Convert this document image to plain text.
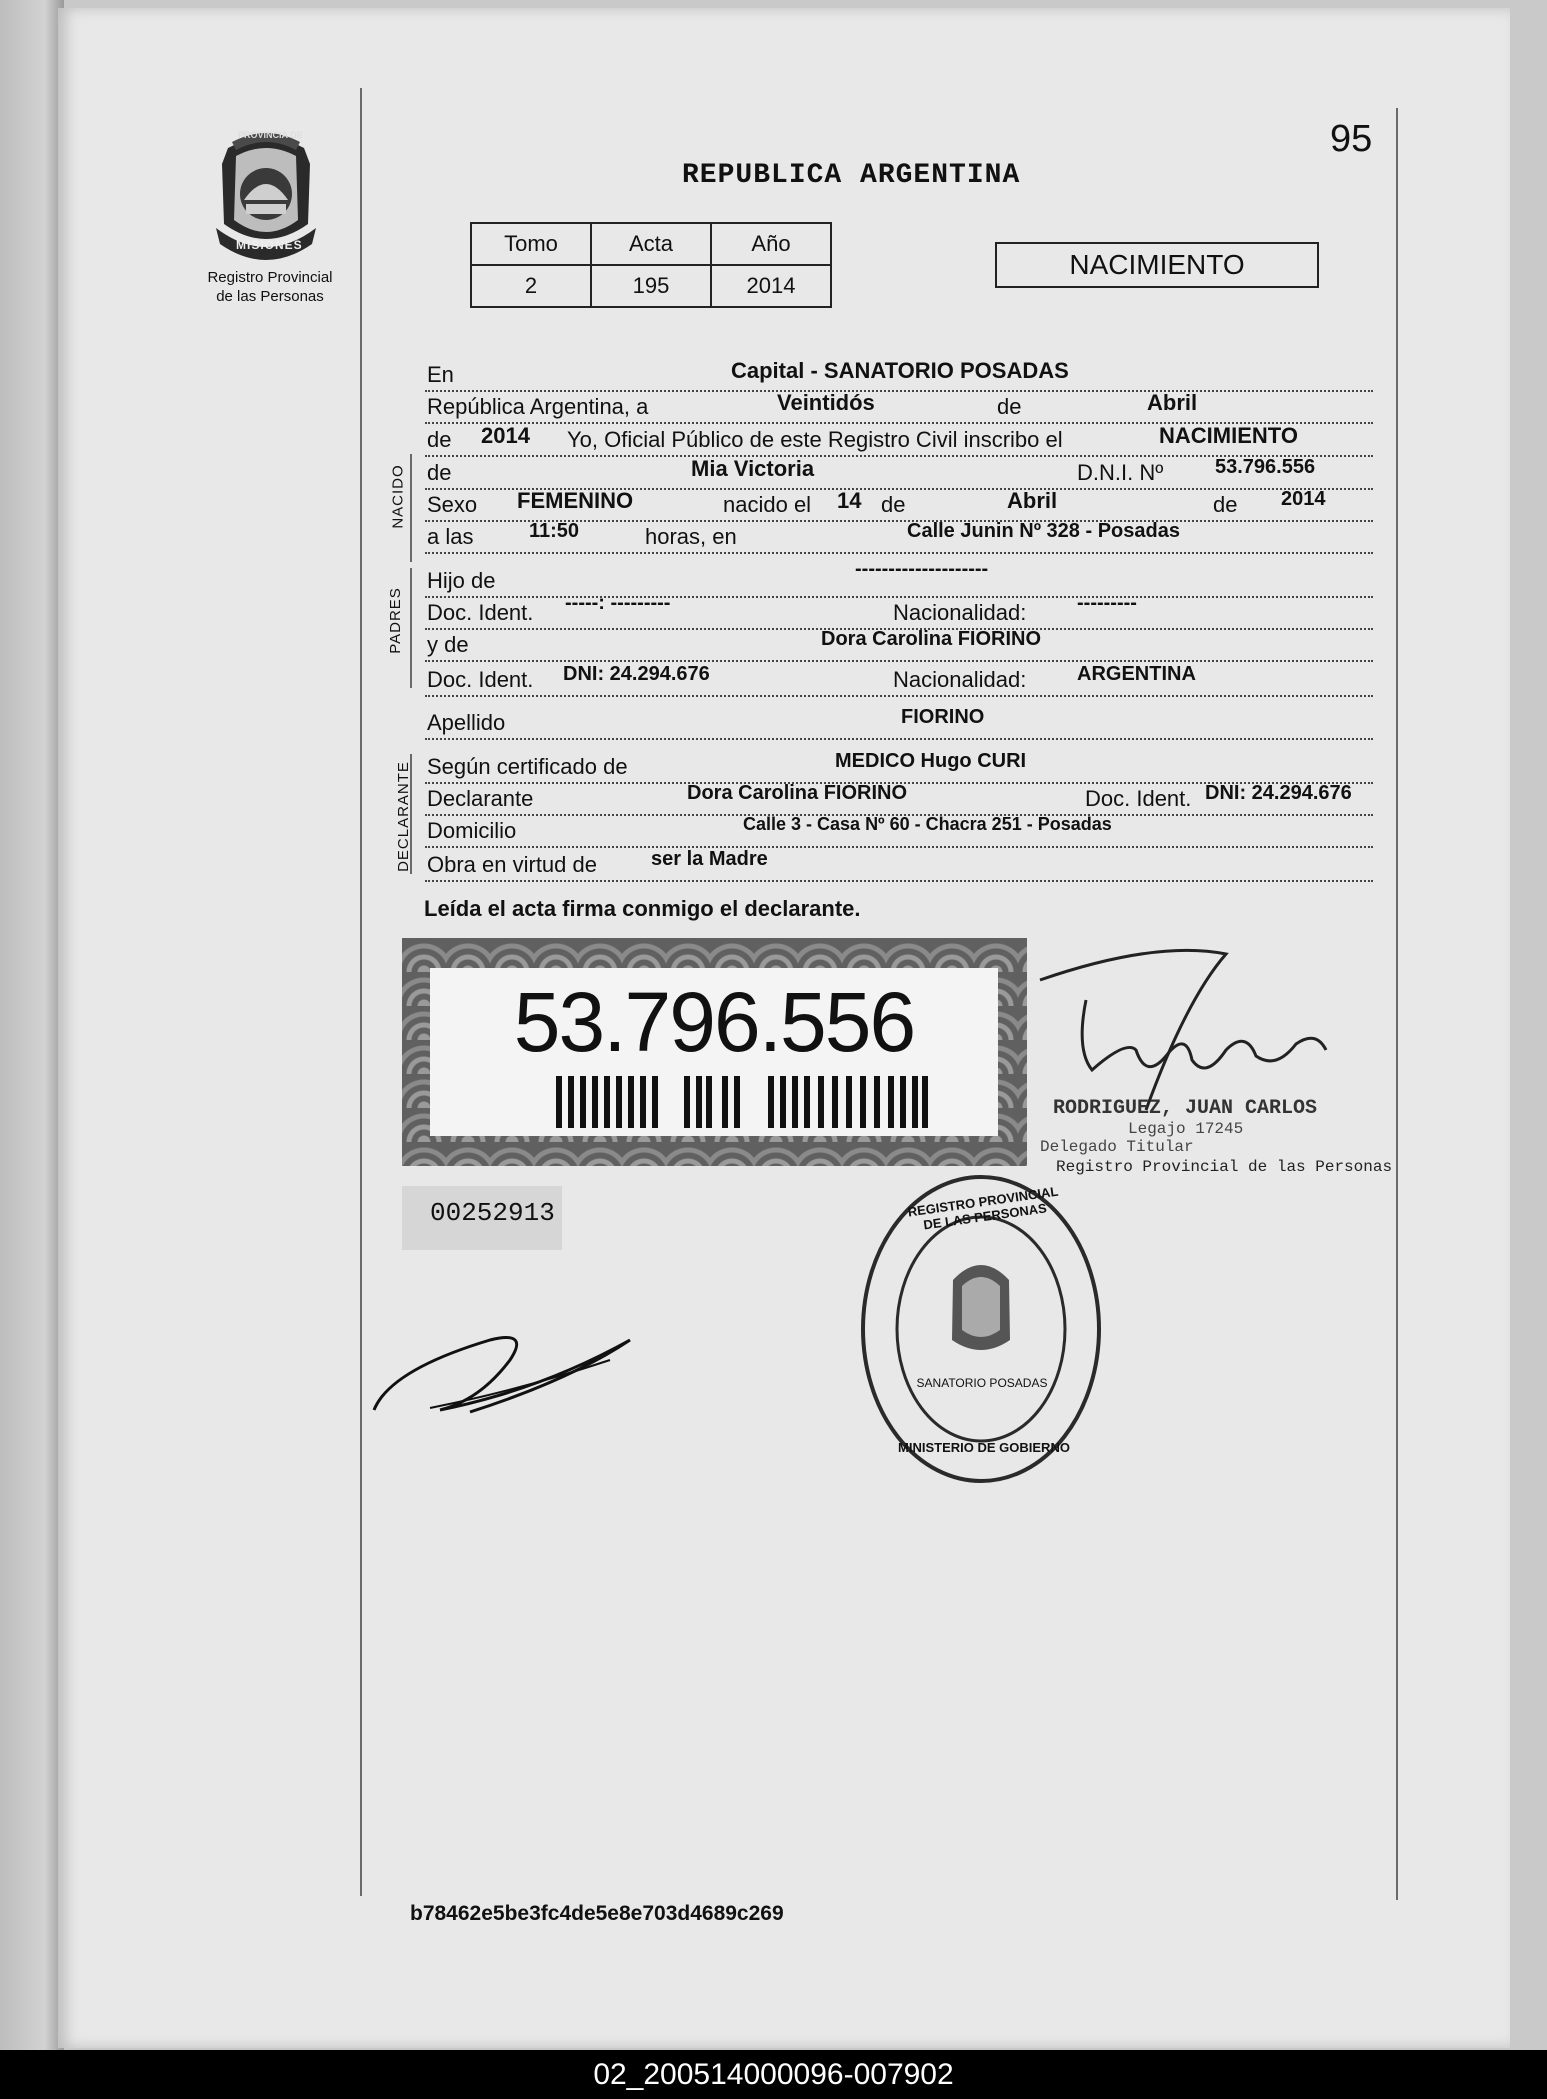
95
REPUBLICA ARGENTINA
PROVINCIA DE
MISIONES
Registro Provincial
de las Personas
Tomo	Acta	Año
2	195	2014
NACIMIENTO
NACIDO
PADRES
DECLARANTE
En	Capital - SANATORIO POSADAS
República Argentina, a	Veintidós	de	Abril
de 2014 Yo, Oficial Público de este Registro Civil inscribo el	NACIMIENTO
de	Mia Victoria	D.N.I. Nº	53.796.556
Sexo FEMENINO	nacido el 14 de	Abril	de 2014
a las	11:50	horas, en	Calle Junin Nº 328 - Posadas
Hijo de	--------------------
Doc. Ident. -----: ---------	Nacionalidad:	---------
y de	Dora Carolina FIORINO
Doc. Ident. DNI: 24.294.676	Nacionalidad:	ARGENTINA
Apellido	FIORINO
Según certificado de	MEDICO Hugo CURI
Declarante	Dora Carolina FIORINO	Doc. Ident. DNI: 24.294.676
Domicilio	Calle 3 - Casa Nº 60 - Chacra 251 - Posadas
Obra en virtud de	ser la Madre
Leída el acta firma conmigo el declarante.
53.796.556
00252913
RODRIGUEZ, JUAN CARLOS
Legajo 17245
Delegado Titular
Registro Provincial de las Personas
REGISTRO PROVINCIAL DE LAS PERSONAS
SANATORIO POSADAS
MINISTERIO DE GOBIERNO
b78462e5be3fc4de5e8e703d4689c269
02_200514000096-007902
